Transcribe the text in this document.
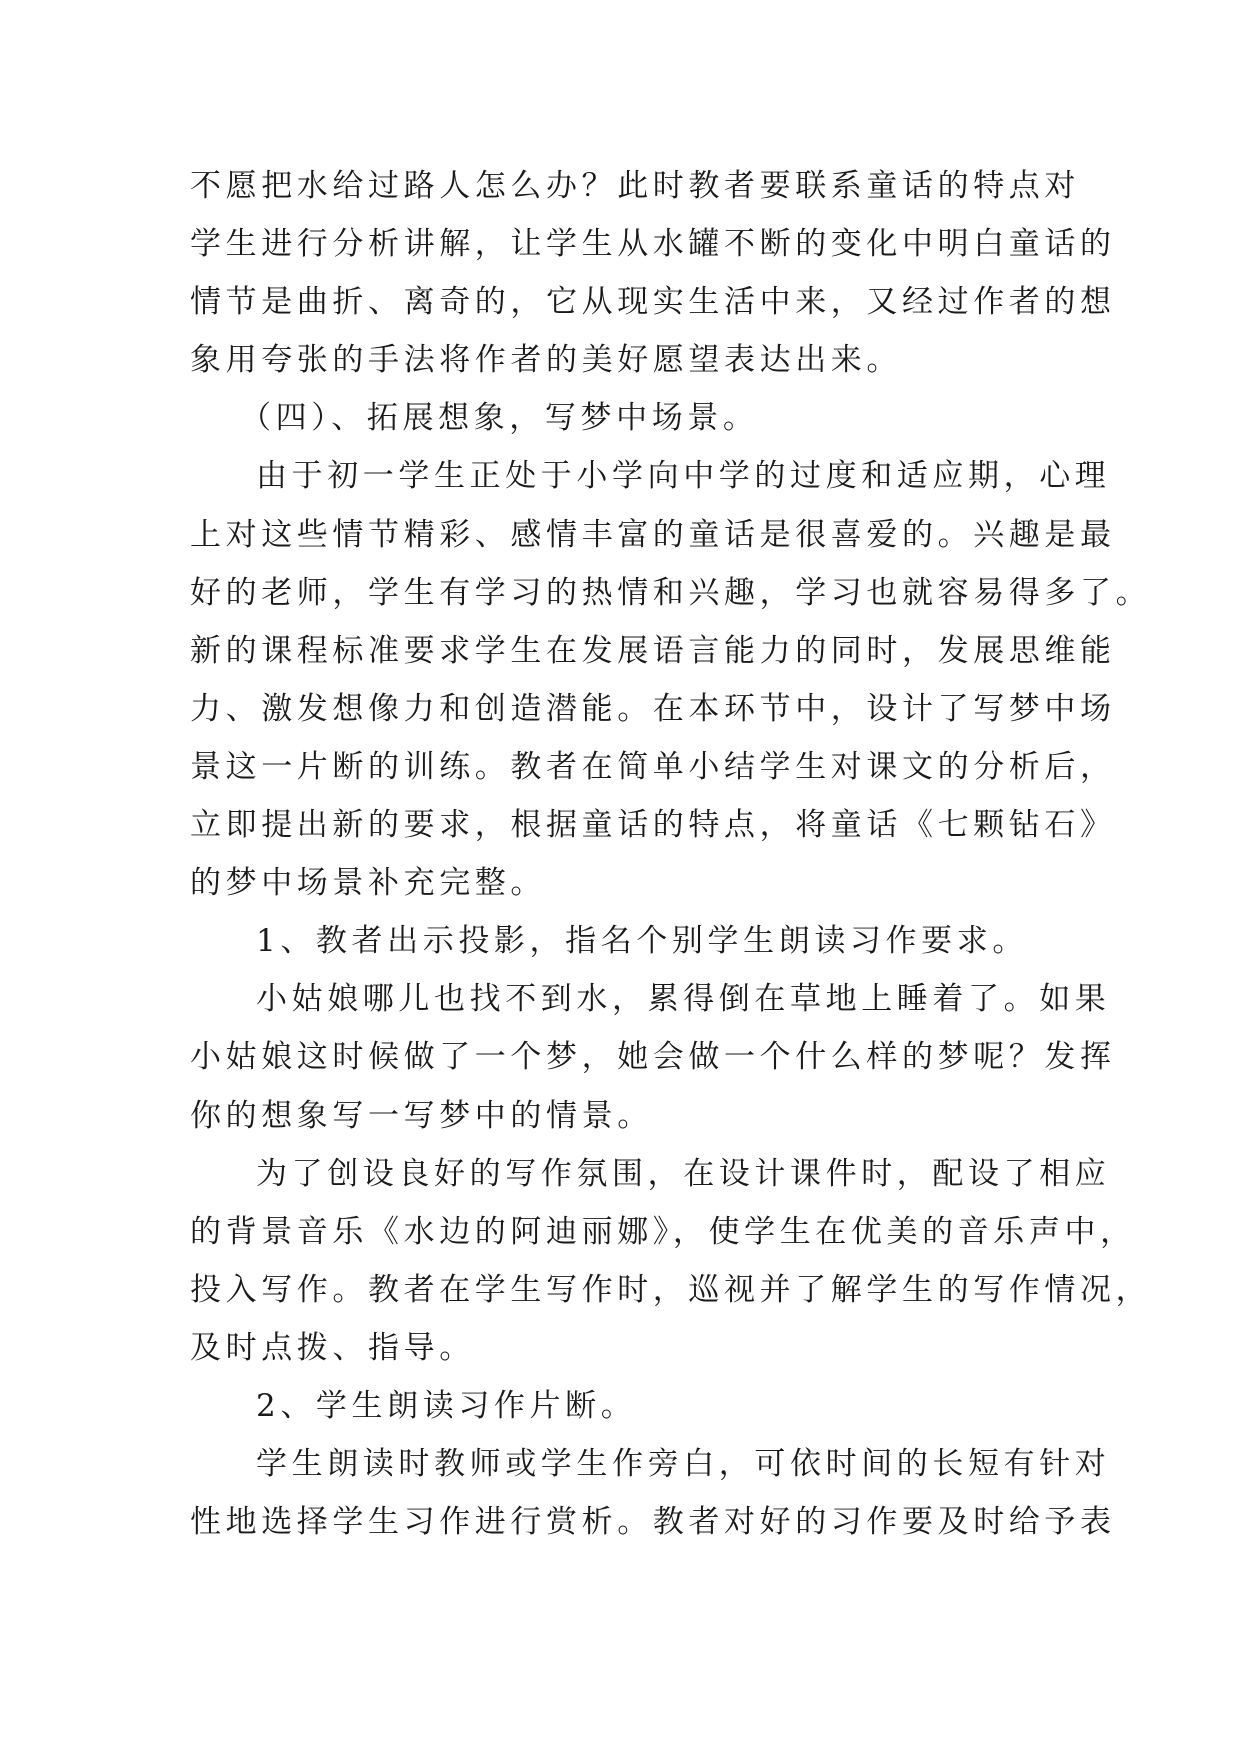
不愿把水给过路人怎么办？此时教者要联系童话的特点对
学生进行分析讲解，让学生从水罐不断的变化中明白童话的
情节是曲折、离奇的，它从现实生活中来，又经过作者的想
象用夸张的手法将作者的美好愿望表达出来。
（四）、拓展想象，写梦中场景。
由于初一学生正处于小学向中学的过度和适应期，心理
上对这些情节精彩、感情丰富的童话是很喜爱的。兴趣是最
好的老师，学生有学习的热情和兴趣，学习也就容易得多了。
新的课程标准要求学生在发展语言能力的同时，发展思维能
力、激发想像力和创造潜能。在本环节中，设计了写梦中场
景这一片断的训练。教者在简单小结学生对课文的分析后，
立即提出新的要求，根据童话的特点，将童话《七颗钻石》
的梦中场景补充完整。
1、教者出示投影，指名个别学生朗读习作要求。
小姑娘哪儿也找不到水，累得倒在草地上睡着了。如果
小姑娘这时候做了一个梦，她会做一个什么样的梦呢？发挥
你的想象写一写梦中的情景。
为了创设良好的写作氛围，在设计课件时，配设了相应
的背景音乐《水边的阿迪丽娜》，使学生在优美的音乐声中，
投入写作。教者在学生写作时，巡视并了解学生的写作情况，
及时点拨、指导。
2、学生朗读习作片断。
学生朗读时教师或学生作旁白，可依时间的长短有针对
性地选择学生习作进行赏析。教者对好的习作要及时给予表
